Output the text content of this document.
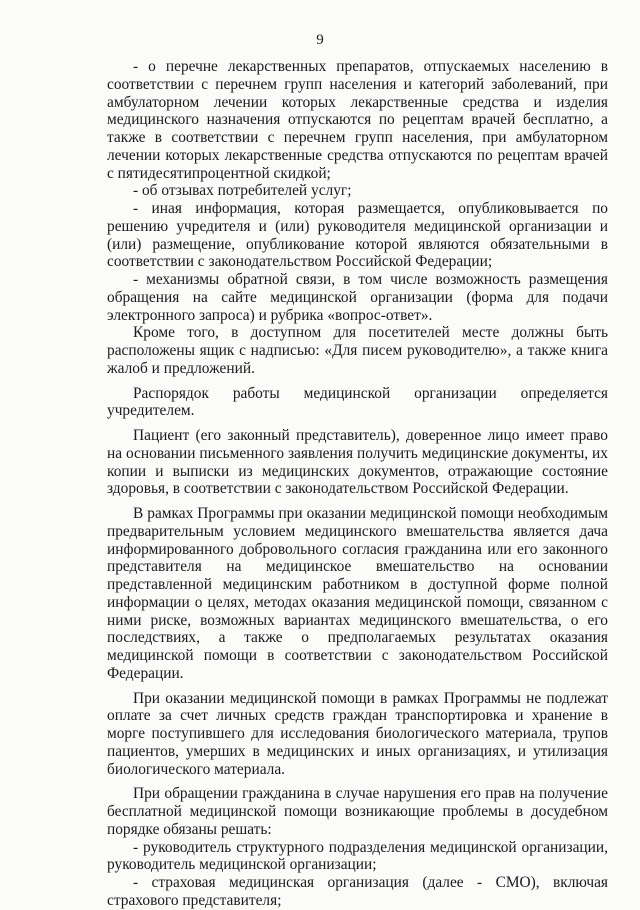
9

- о перечне лекарственных препаратов, отпускаемых населению в соответствии с перечнем групп населения и категорий заболеваний, при амбулаторном лечении которых лекарственные средства и изделия медицинского назначения отпускаются по рецептам врачей бесплатно, а также в соответствии с перечнем групп населения, при амбулаторном лечении которых лекарственные средства отпускаются по рецептам врачей с пятидесятипроцентной скидкой;

- об отзывах потребителей услуг;

- иная информация, которая размещается, опубликовывается по решению учредителя и (или) руководителя медицинской организации и (или) размещение, опубликование которой являются обязательными в соответствии с законодательством Российской Федерации;

- механизмы обратной связи, в том числе возможность размещения обращения на сайте медицинской организации (форма для подачи электронного запроса) и рубрика «вопрос-ответ».

Кроме того, в доступном для посетителей месте должны быть расположены ящик с надписью: «Для писем руководителю», а также книга жалоб и предложений.

Распорядок работы медицинской организации определяется учредителем.

Пациент (его законный представитель), доверенное лицо имеет право на основании письменного заявления получить медицинские документы, их копии и выписки из медицинских документов, отражающие состояние здоровья, в соответствии с законодательством Российской Федерации.

В рамках Программы при оказании медицинской помощи необходимым предварительным условием медицинского вмешательства является дача информированного добровольного согласия гражданина или его законного представителя на медицинское вмешательство на основании представленной медицинским работником в доступной форме полной информации о целях, методах оказания медицинской помощи, связанном с ними риске, возможных вариантах медицинского вмешательства, о его последствиях, а также о предполагаемых результатах оказания медицинской помощи в соответствии с законодательством Российской Федерации.

При оказании медицинской помощи в рамках Программы не подлежат оплате за счет личных средств граждан транспортировка и хранение в морге поступившего для исследования биологического материала, трупов пациентов, умерших в медицинских и иных организациях, и утилизация биологического материала.

При обращении гражданина в случае нарушения его прав на получение бесплатной медицинской помощи возникающие проблемы в досудебном порядке обязаны решать:

- руководитель структурного подразделения медицинской организации, руководитель медицинской организации;

- страховая медицинская организация (далее - СМО), включая страхового представителя;
